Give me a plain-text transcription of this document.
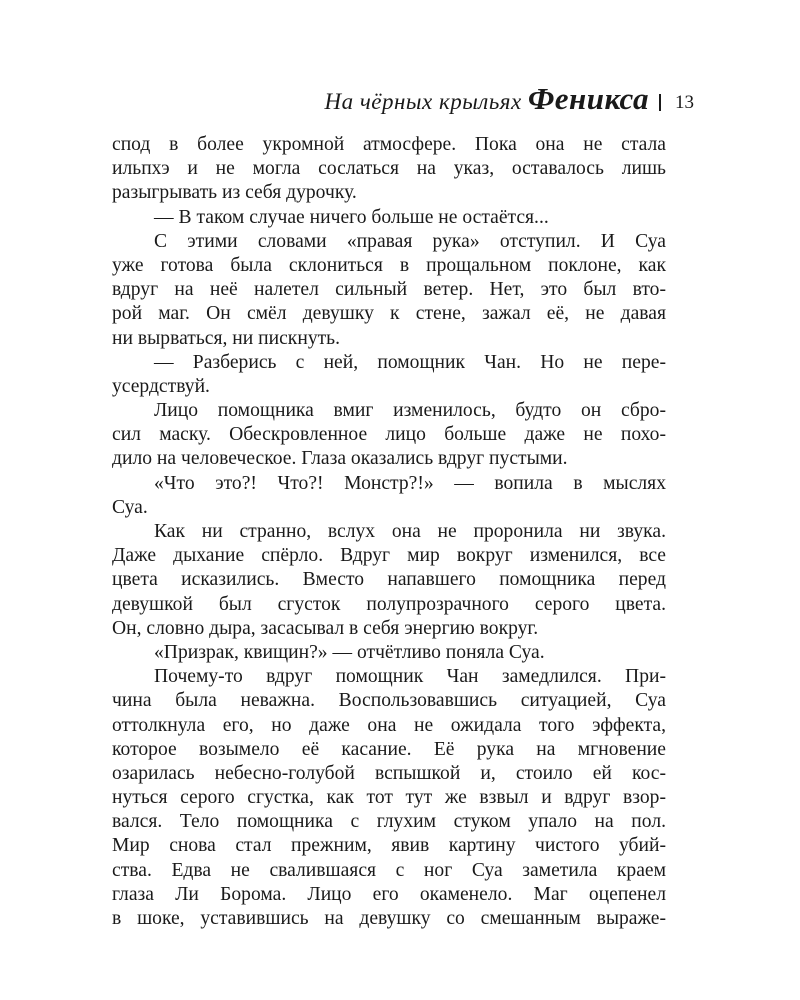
На чёрных крыльях Феникса 13
спод в более укромной атмосфере. Пока она не стала
ильпхэ и не могла сослаться на указ, оставалось лишь
разыгрывать из себя дурочку.
— В таком случае ничего больше не остаётся...
С этими словами «правая рука» отступил. И Суа
уже готова была склониться в прощальном поклоне, как
вдруг на неё налетел сильный ветер. Нет, это был вто-
рой маг. Он смёл девушку к стене, зажал её, не давая
ни вырваться, ни пискнуть.
— Разберись с ней, помощник Чан. Но не пере-
усердствуй.
Лицо помощника вмиг изменилось, будто он сбро-
сил маску. Обескровленное лицо больше даже не похо-
дило на человеческое. Глаза оказались вдруг пустыми.
«Что это?! Что?! Монстр?!» — вопила в мыслях
Суа.
Как ни странно, вслух она не проронила ни звука.
Даже дыхание спёрло. Вдруг мир вокруг изменился, все
цвета исказились. Вместо напавшего помощника перед
девушкой был сгусток полупрозрачного серого цвета.
Он, словно дыра, засасывал в себя энергию вокруг.
«Призрак, квищин?» — отчётливо поняла Суа.
Почему-то вдруг помощник Чан замедлился. При-
чина была неважна. Воспользовавшись ситуацией, Суа
оттолкнула его, но даже она не ожидала того эффекта,
которое возымело её касание. Её рука на мгновение
озарилась небесно-голубой вспышкой и, стоило ей кос-
нуться серого сгустка, как тот тут же взвыл и вдруг взор-
вался. Тело помощника с глухим стуком упало на пол.
Мир снова стал прежним, явив картину чистого убий-
ства. Едва не свалившаяся с ног Суа заметила краем
глаза Ли Борома. Лицо его окаменело. Маг оцепенел
в шоке, уставившись на девушку со смешанным выраже-
